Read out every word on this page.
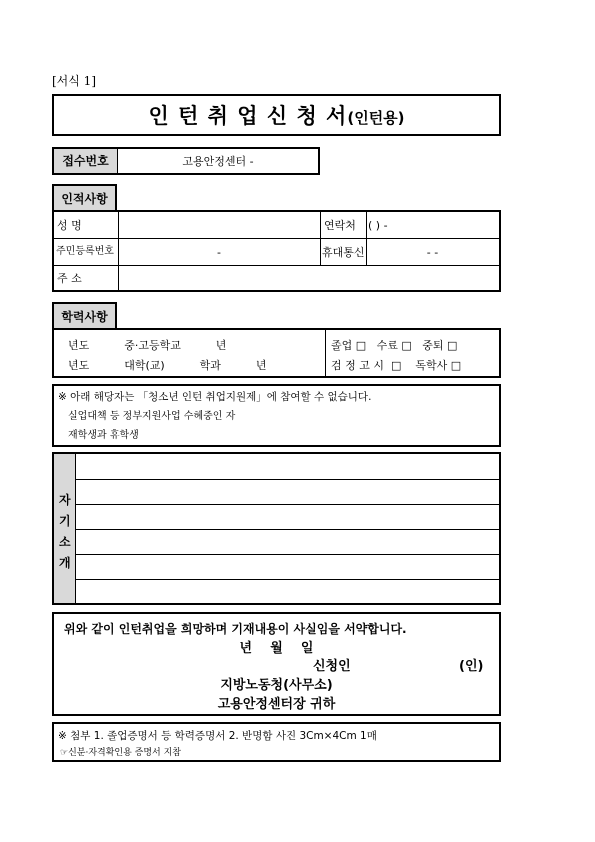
[서식 1]
인 턴 취 업 신 청 서(인턴용)
접수번호	고용안정센터 -
인적사항
성 명	연락처 ( ) -
주민등록번호	-	휴대통신	- -
주 소
학력사항
년도          중·고등학교          년
년도          대학(교)          학과          년
졸업 □   수료 □   중퇴 □
검 정 고 시  □    독학사 □
※ 아래 해당자는 「청소년 인턴 취업지원제」에 참여할 수 없습니다.
실업대책 등 정부지원사업 수혜중인 자
재학생과 휴학생
자
기
소
개
위와 같이 인턴취업을 희망하며 기재내용이 사실임을 서약합니다.
년    월    일
신청인	(인)
지방노동청(사무소)
고용안정센터장 귀하
※ 첨부 1. 졸업증명서 등 학력증명서 2. 반명함 사진 3Cm×4Cm 1매
☞신분·자격확인용 증명서 지참
